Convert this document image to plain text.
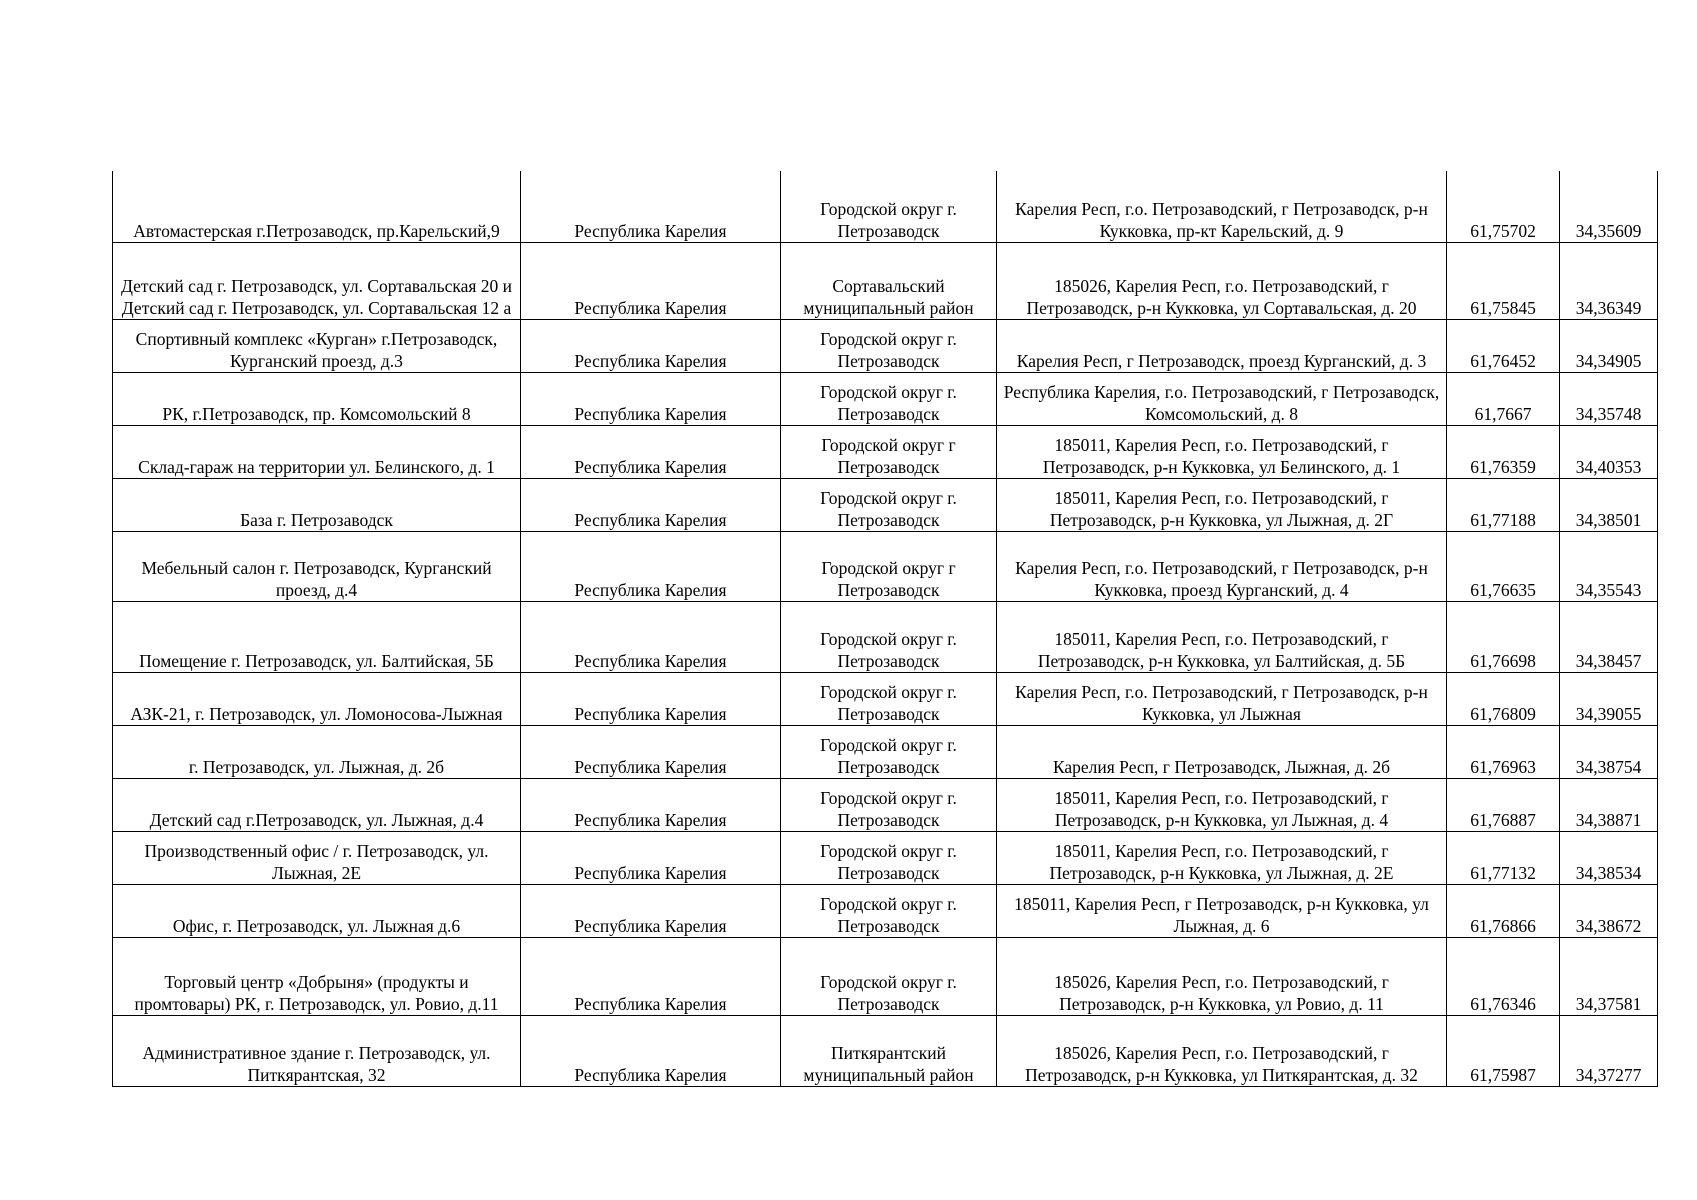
Автомастерская г.Петрозаводск, пр.Карельский,9	Республика Карелия	Городской округ г. Петрозаводск	Карелия Респ, г.о. Петрозаводский, г Петрозаводск, р-н Кукковка, пр-кт Карельский, д. 9	61,75702	34,35609
Детский сад г. Петрозаводск, ул. Сортавальская 20 и Детский сад г. Петрозаводск, ул. Сортавальская 12 а	Республика Карелия	Сортавальский муниципальный район	185026, Карелия Респ, г.о. Петрозаводский, г Петрозаводск, р-н Кукковка, ул Сортавальская, д. 20	61,75845	34,36349
Спортивный комплекс «Курган» г.Петрозаводск, Курганский проезд, д.3	Республика Карелия	Городской округ г. Петрозаводск	Карелия Респ, г Петрозаводск, проезд Курганский, д. 3	61,76452	34,34905
РК, г.Петрозаводск, пр. Комсомольский 8	Республика Карелия	Городской округ г. Петрозаводск	Республика Карелия, г.о. Петрозаводский, г Петрозаводск, Комсомольский, д. 8	61,7667	34,35748
Склад-гараж на территории ул. Белинского, д. 1	Республика Карелия	Городской округ г Петрозаводск	185011, Карелия Респ, г.о. Петрозаводский, г Петрозаводск, р-н Кукковка, ул Белинского, д. 1	61,76359	34,40353
База г. Петрозаводск	Республика Карелия	Городской округ г. Петрозаводск	185011, Карелия Респ, г.о. Петрозаводский, г Петрозаводск, р-н Кукковка, ул Лыжная, д. 2Г	61,77188	34,38501
Мебельный салон г. Петрозаводск, Курганский проезд, д.4	Республика Карелия	Городской округ г Петрозаводск	Карелия Респ, г.о. Петрозаводский, г Петрозаводск, р-н Кукковка, проезд Курганский, д. 4	61,76635	34,35543
Помещение г. Петрозаводск, ул. Балтийская, 5Б	Республика Карелия	Городской округ г. Петрозаводск	185011, Карелия Респ, г.о. Петрозаводский, г Петрозаводск, р-н Кукковка, ул Балтийская, д. 5Б	61,76698	34,38457
АЗК-21, г. Петрозаводск, ул. Ломоносова-Лыжная	Республика Карелия	Городской округ г. Петрозаводск	Карелия Респ, г.о. Петрозаводский, г Петрозаводск, р-н Кукковка, ул Лыжная	61,76809	34,39055
г. Петрозаводск, ул. Лыжная, д. 2б	Республика Карелия	Городской округ г. Петрозаводск	Карелия Респ, г Петрозаводск, Лыжная, д. 2б	61,76963	34,38754
Детский сад г.Петрозаводск, ул. Лыжная, д.4	Республика Карелия	Городской округ г. Петрозаводск	185011, Карелия Респ, г.о. Петрозаводский, г Петрозаводск, р-н Кукковка, ул Лыжная, д. 4	61,76887	34,38871
Производственный офис / г. Петрозаводск, ул. Лыжная, 2Е	Республика Карелия	Городской округ г. Петрозаводск	185011, Карелия Респ, г.о. Петрозаводский, г Петрозаводск, р-н Кукковка, ул Лыжная, д. 2Е	61,77132	34,38534
Офис, г. Петрозаводск, ул. Лыжная д.6	Республика Карелия	Городской округ г. Петрозаводск	185011, Карелия Респ, г Петрозаводск, р-н Кукковка, ул Лыжная, д. 6	61,76866	34,38672
Торговый центр «Добрыня» (продукты и промтовары) РК, г. Петрозаводск, ул. Ровио, д.11	Республика Карелия	Городской округ г. Петрозаводск	185026, Карелия Респ, г.о. Петрозаводский, г Петрозаводск, р-н Кукковка, ул Ровио, д. 11	61,76346	34,37581
Административное здание г. Петрозаводск, ул. Питкярантская, 32	Республика Карелия	Питкярантский муниципальный район	185026, Карелия Респ, г.о. Петрозаводский, г Петрозаводск, р-н Кукковка, ул Питкярантская, д. 32	61,75987	34,37277
